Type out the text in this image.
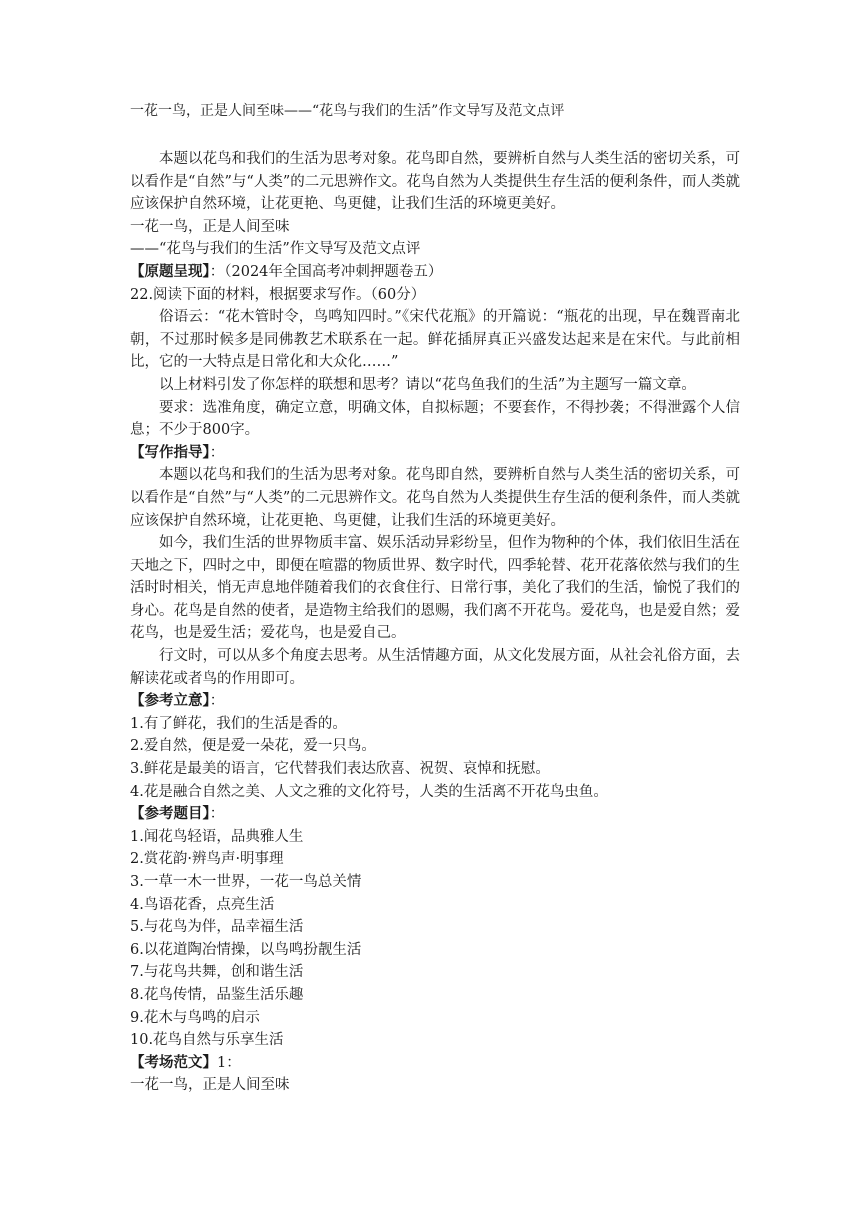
一花一鸟，正是人间至味——“花鸟与我们的生活”作文导写及范文点评

本题以花鸟和我们的生活为思考对象。花鸟即自然，要辨析自然与人类生活的密切关系，可以看作是“自然”与“人类”的二元思辨作文。花鸟自然为人类提供生存生活的便利条件，而人类就应该保护自然环境，让花更艳、鸟更健，让我们生活的环境更美好。

一花一鸟，正是人间至味

——“花鸟与我们的生活”作文导写及范文点评

【原题呈现】：（2024年全国高考冲刺押题卷五）

22.阅读下面的材料，根据要求写作。（60分）

俗语云：“花木管时令，鸟鸣知四时。”《宋代花瓶》的开篇说：“瓶花的出现，早在魏晋南北朝，不过那时候多是同佛教艺术联系在一起。鲜花插屏真正兴盛发达起来是在宋代。与此前相比，它的一大特点是日常化和大众化……”

以上材料引发了你怎样的联想和思考？请以“花鸟鱼我们的生活”为主题写一篇文章。

要求：选准角度，确定立意，明确文体，自拟标题；不要套作，不得抄袭；不得泄露个人信息；不少于800字。

【写作指导】：

本题以花鸟和我们的生活为思考对象。花鸟即自然，要辨析自然与人类生活的密切关系，可以看作是“自然”与“人类”的二元思辨作文。花鸟自然为人类提供生存生活的便利条件，而人类就应该保护自然环境，让花更艳、鸟更健，让我们生活的环境更美好。

如今，我们生活的世界物质丰富、娱乐活动异彩纷呈，但作为物种的个体，我们依旧生活在天地之下，四时之中，即便在喧嚣的物质世界、数字时代，四季轮替、花开花落依然与我们的生活时时相关，悄无声息地伴随着我们的衣食住行、日常行事，美化了我们的生活，愉悦了我们的身心。花鸟是自然的使者，是造物主给我们的恩赐，我们离不开花鸟。爱花鸟，也是爱自然；爱花鸟，也是爱生活；爱花鸟，也是爱自己。

行文时，可以从多个角度去思考。从生活情趣方面，从文化发展方面，从社会礼俗方面，去解读花或者鸟的作用即可。

【参考立意】：

1.有了鲜花，我们的生活是香的。
2.爱自然，便是爱一朵花，爱一只鸟。
3.鲜花是最美的语言，它代替我们表达欣喜、祝贺、哀悼和抚慰。
4.花是融合自然之美、人文之雅的文化符号，人类的生活离不开花鸟虫鱼。

【参考题目】：

1.闻花鸟轻语，品典雅人生
2.赏花韵·辨鸟声·明事理
3.一草一木一世界，一花一鸟总关情
4.鸟语花香，点亮生活
5.与花鸟为伴，品幸福生活
6.以花道陶冶情操，以鸟鸣扮靓生活
7.与花鸟共舞，创和谐生活
8.花鸟传情，品鉴生活乐趣
9.花木与鸟鸣的启示
10.花鸟自然与乐享生活

【考场范文】1：

一花一鸟，正是人间至味
